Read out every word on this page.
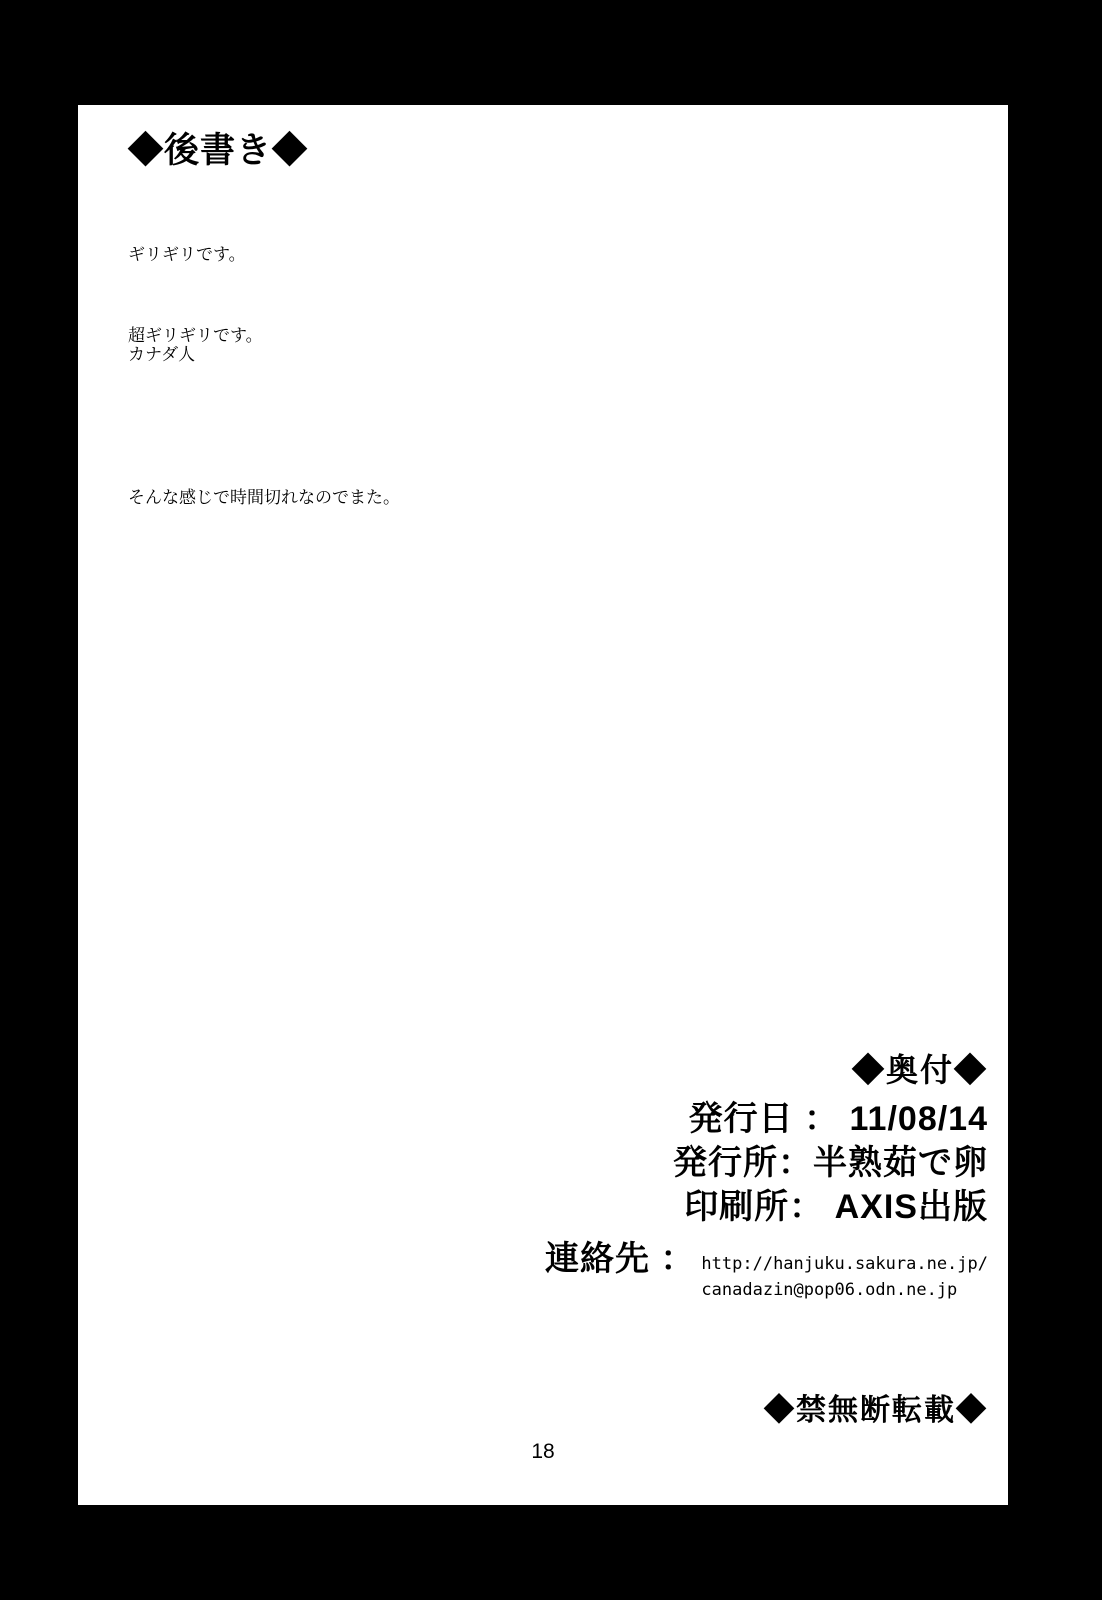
◆後書き◆

ギリギリです。

超ギリギリです。

そんな感じで時間切れなのでまた。

カナダ人
◆奥付◆
発行日 ： 11/08/14
発行所：半熟茹で卵
印刷所： AXIS出版
連絡先 ： http://hanjuku.sakura.ne.jp/
canadazin@pop06.odn.ne.jp
◆禁無断転載◆
18
